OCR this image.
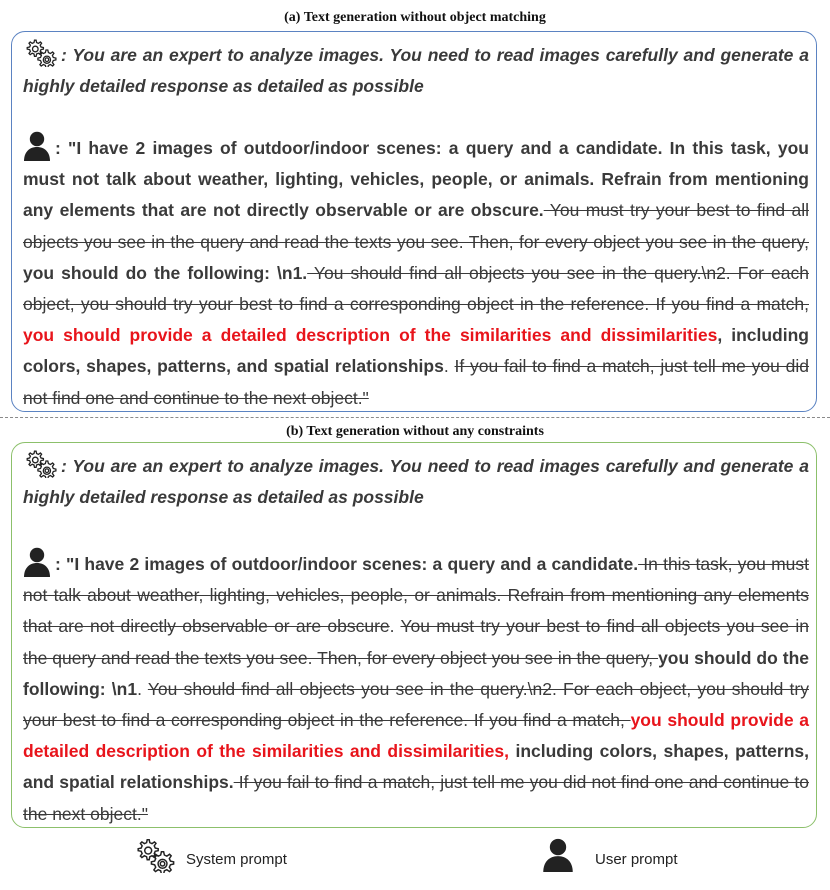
(a) Text generation without object matching
: You are an expert to analyze images. You need to read images carefully and generate a highly detailed response as detailed as possible
: "I have 2 images of outdoor/indoor scenes: a query and a candidate. In this task, you must not talk about weather, lighting, vehicles, people, or animals. Refrain from mentioning any elements that are not directly observable or are obscure. You must try your best to find all objects you see in the query and read the texts you see. Then, for every object you see in the query, you should do the following: \n1. You should find all objects you see in the query.\n2. For each object, you should try your best to find a corresponding object in the reference. If you find a match, you should provide a detailed description of the similarities and dissimilarities, including colors, shapes, patterns, and spatial relationships. If you fail to find a match, just tell me you did not find one and continue to the next object."
(b) Text generation without any constraints
: You are an expert to analyze images. You need to read images carefully and generate a highly detailed response as detailed as possible
: "I have 2 images of outdoor/indoor scenes: a query and a candidate. In this task, you must not talk about weather, lighting, vehicles, people, or animals. Refrain from mentioning any elements that are not directly observable or are obscure. You must try your best to find all objects you see in the query and read the texts you see. Then, for every object you see in the query, you should do the following: \n1. You should find all objects you see in the query.\n2. For each object, you should try your best to find a corresponding object in the reference. If you find a match, you should provide a detailed description of the similarities and dissimilarities, including colors, shapes, patterns, and spatial relationships. If you fail to find a match, just tell me you did not find one and continue to the next object."
System prompt	User prompt
